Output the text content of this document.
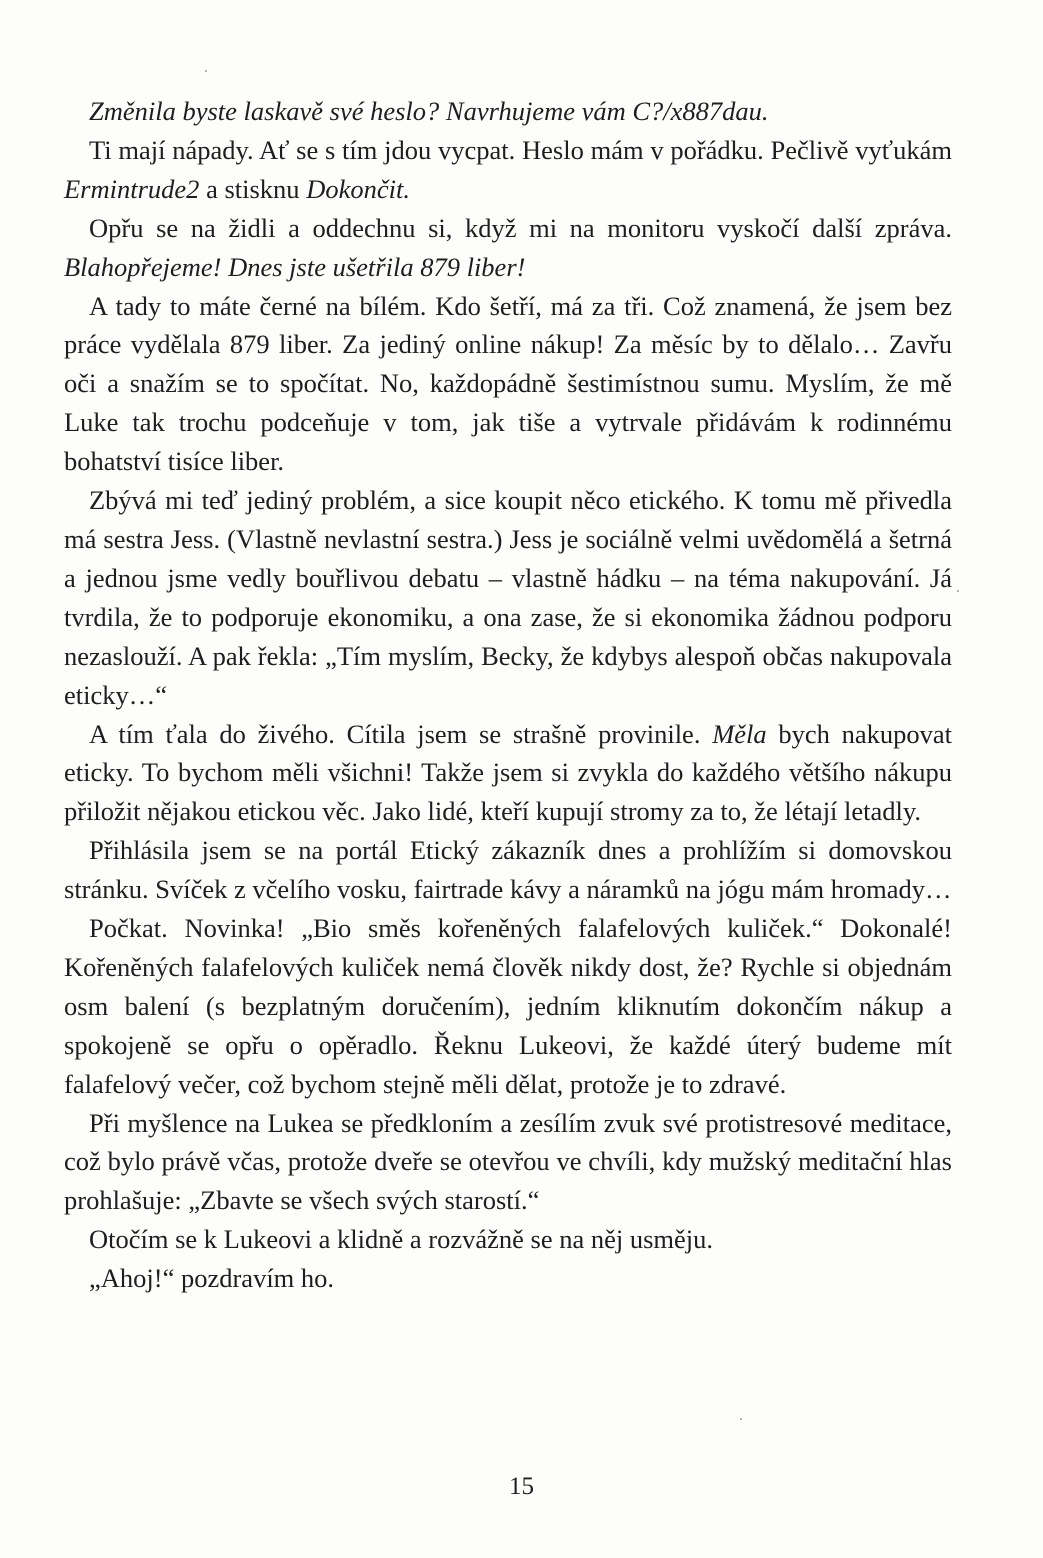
Změnila byste laskavě své heslo? Navrhujeme vám C?/x887dau.

Ti mají nápady. Ať se s tím jdou vycpat. Heslo mám v pořádku. Pečlivě vyťukám Ermintrude2 a stisknu Dokončit.

Opřu se na židli a oddechnu si, když mi na monitoru vyskočí další zpráva. Blahopřejeme! Dnes jste ušetřila 879 liber!

A tady to máte černé na bílém. Kdo šetří, má za tři. Což znamená, že jsem bez práce vydělala 879 liber. Za jediný online nákup! Za měsíc by to dělalo… Zavřu oči a snažím se to spočítat. No, každopádně šestimístnou sumu. Myslím, že mě Luke tak trochu podceňuje v tom, jak tiše a vytrvale přidávám k rodinnému bohatství tisíce liber.

Zbývá mi teď jediný problém, a sice koupit něco etického. K tomu mě přivedla má sestra Jess. (Vlastně nevlastní sestra.) Jess je sociálně velmi uvědomělá a šetrná a jednou jsme vedly bouřlivou debatu – vlastně hádku – na téma nakupování. Já tvrdila, že to podporuje ekonomiku, a ona zase, že si ekonomika žádnou podporu nezaslouží. A pak řekla: „Tím myslím, Becky, že kdybys alespoň občas nakupovala eticky…“

A tím ťala do živého. Cítila jsem se strašně provinile. Měla bych nakupovat eticky. To bychom měli všichni! Takže jsem si zvykla do každého většího nákupu přiložit nějakou etickou věc. Jako lidé, kteří kupují stromy za to, že létají letadly.

Přihlásila jsem se na portál Etický zákazník dnes a prohlížím si domovskou stránku. Svíček z včelího vosku, fairtrade kávy a náramků na jógu mám hromady…

Počkat. Novinka! „Bio směs kořeněných falafelových kuliček.“ Dokonalé! Kořeněných falafelových kuliček nemá člověk nikdy dost, že? Rychle si objednám osm balení (s bezplatným doručením), jedním kliknutím dokončím nákup a spokojeně se opřu o opěradlo. Řeknu Lukeovi, že každé úterý budeme mít falafelový večer, což bychom stejně měli dělat, protože je to zdravé.

Při myšlence na Lukea se předkloním a zesílím zvuk své protistresové meditace, což bylo právě včas, protože dveře se otevřou ve chvíli, kdy mužský meditační hlas prohlašuje: „Zbavte se všech svých starostí.“

Otočím se k Lukeovi a klidně a rozvážně se na něj usměju.

„Ahoj!“ pozdravím ho.

15
